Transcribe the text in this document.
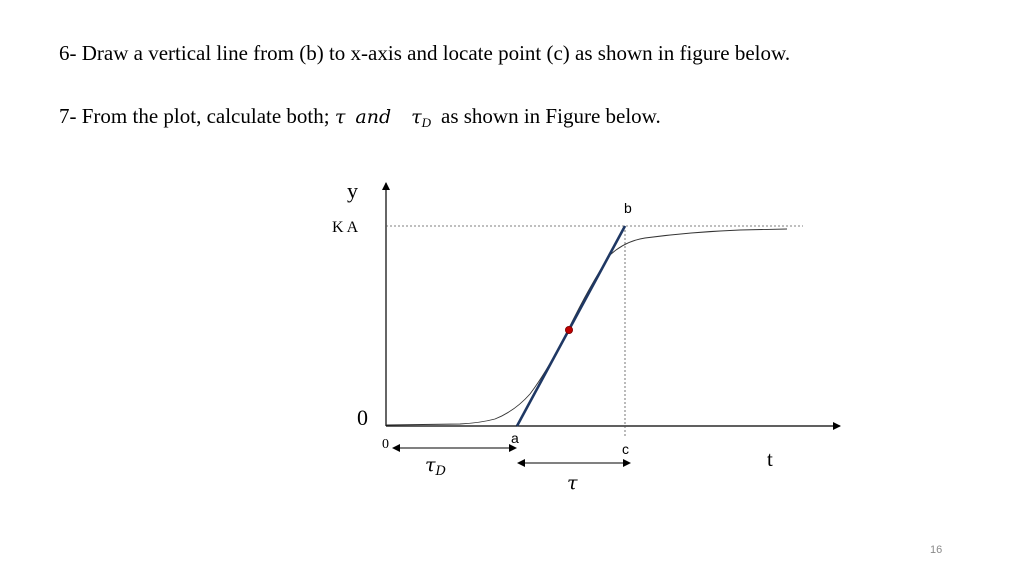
6- Draw a vertical line from (b) to x-axis and locate point (c) as shown in figure below.

7- From the plot, calculate both; τ and $\tau_D$ as shown in Figure below.

y
K A
0
0
t
b
a
c
$\tau_D$
τ
16
